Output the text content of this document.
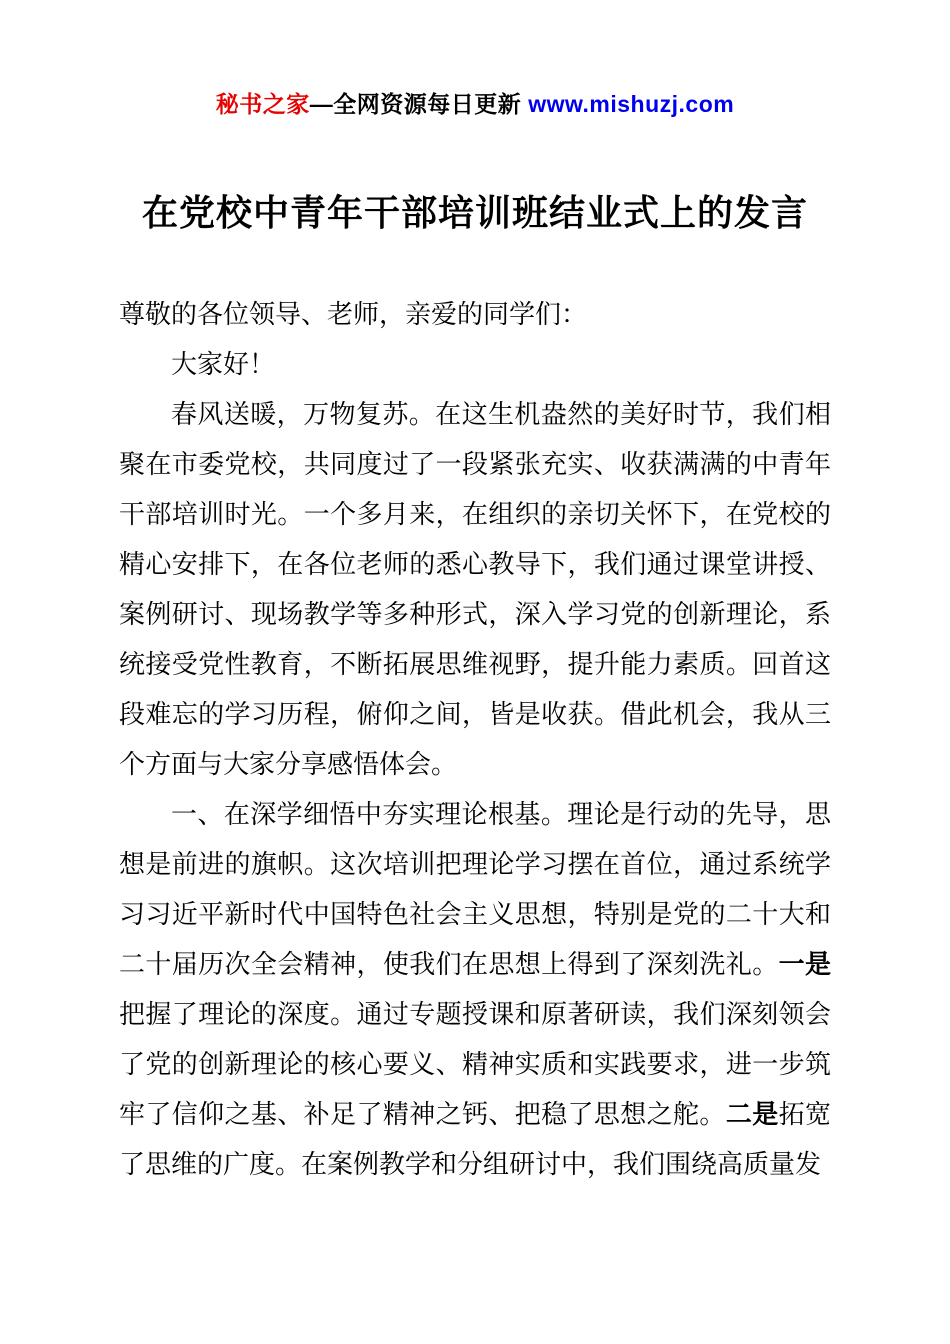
秘书之家—全网资源每日更新 www.mishuzj.com
在党校中青年干部培训班结业式上的发言

尊敬的各位领导、老师，亲爱的同学们：

大家好！

春风送暖，万物复苏。在这生机盎然的美好时节，我们相聚在市委党校，共同度过了一段紧张充实、收获满满的中青年干部培训时光。一个多月来，在组织的亲切关怀下，在党校的精心安排下，在各位老师的悉心教导下，我们通过课堂讲授、案例研讨、现场教学等多种形式，深入学习党的创新理论，系统接受党性教育，不断拓展思维视野，提升能力素质。回首这段难忘的学习历程，俯仰之间，皆是收获。借此机会，我从三个方面与大家分享感悟体会。

一、在深学细悟中夯实理论根基。理论是行动的先导，思想是前进的旗帜。这次培训把理论学习摆在首位，通过系统学习习近平新时代中国特色社会主义思想，特别是党的二十大和二十届历次全会精神，使我们在思想上得到了深刻洗礼。一是把握了理论的深度。通过专题授课和原著研读，我们深刻领会了党的创新理论的核心要义、精神实质和实践要求，进一步筑牢了信仰之基、补足了精神之钙、把稳了思想之舵。二是拓宽了思维的广度。在案例教学和分组研讨中，我们围绕高质量发
